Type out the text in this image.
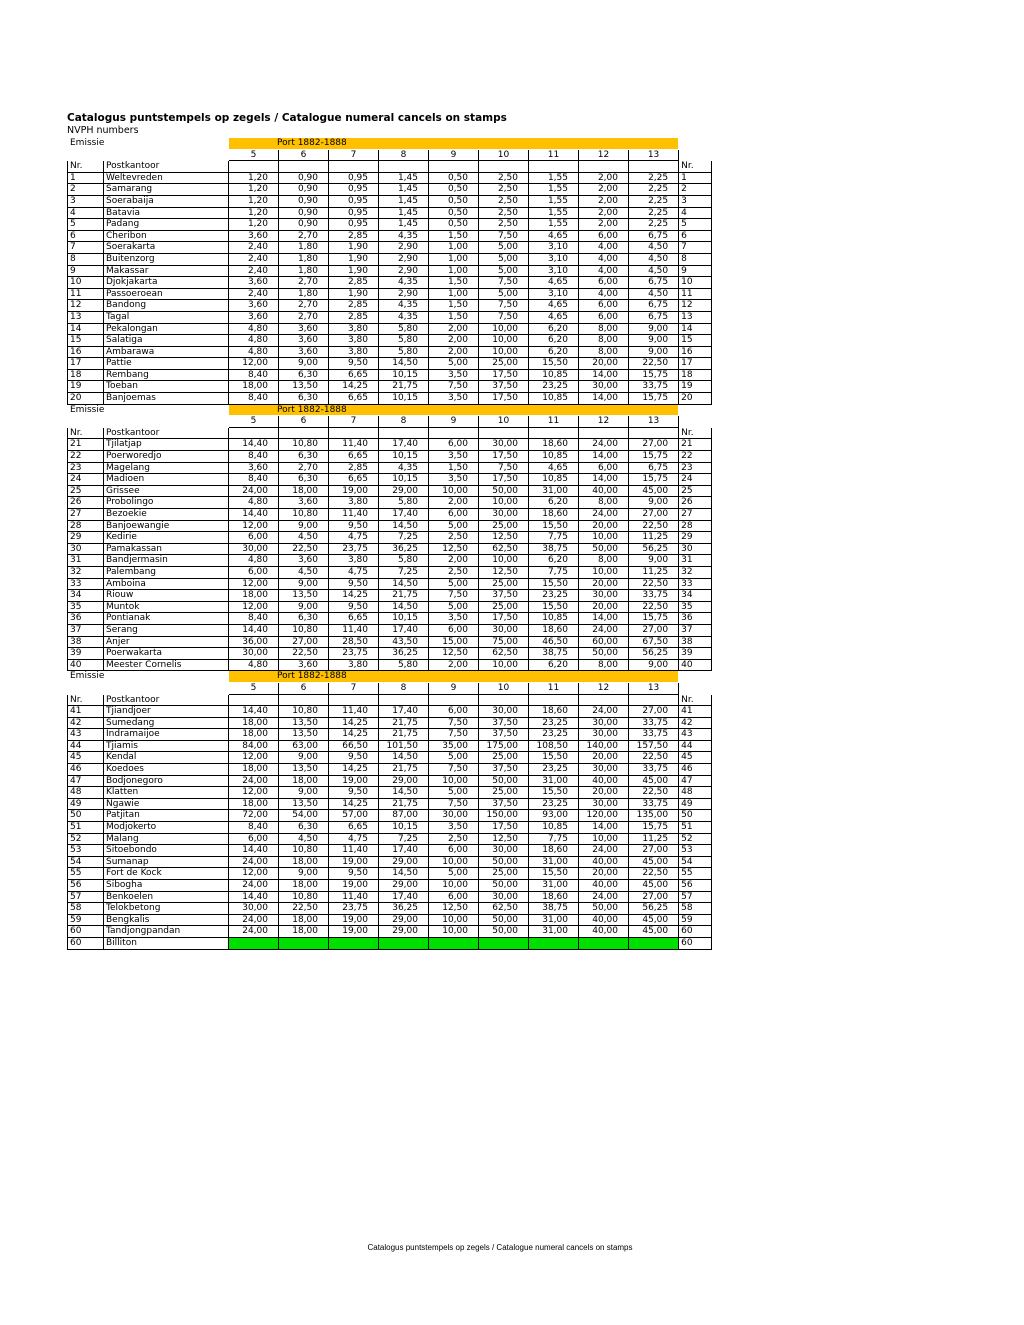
Catalogus puntstempels op zegels / Catalogue numeral cancels on stamps
NVPH numbers
Emissie		Port 1882-1888									
		5	6	7	8	9	10	11	12	13	
Nr.	Postkantoor										Nr.
1	Weltevreden	1,20	0,90	0,95	1,45	0,50	2,50	1,55	2,00	2,25	1
2	Samarang	1,20	0,90	0,95	1,45	0,50	2,50	1,55	2,00	2,25	2
3	Soerabaija	1,20	0,90	0,95	1,45	0,50	2,50	1,55	2,00	2,25	3
4	Batavia	1,20	0,90	0,95	1,45	0,50	2,50	1,55	2,00	2,25	4
5	Padang	1,20	0,90	0,95	1,45	0,50	2,50	1,55	2,00	2,25	5
6	Cheribon	3,60	2,70	2,85	4,35	1,50	7,50	4,65	6,00	6,75	6
7	Soerakarta	2,40	1,80	1,90	2,90	1,00	5,00	3,10	4,00	4,50	7
8	Buitenzorg	2,40	1,80	1,90	2,90	1,00	5,00	3,10	4,00	4,50	8
9	Makassar	2,40	1,80	1,90	2,90	1,00	5,00	3,10	4,00	4,50	9
10	Djokjakarta	3,60	2,70	2,85	4,35	1,50	7,50	4,65	6,00	6,75	10
11	Passoeroean	2,40	1,80	1,90	2,90	1,00	5,00	3,10	4,00	4,50	11
12	Bandong	3,60	2,70	2,85	4,35	1,50	7,50	4,65	6,00	6,75	12
13	Tagal	3,60	2,70	2,85	4,35	1,50	7,50	4,65	6,00	6,75	13
14	Pekalongan	4,80	3,60	3,80	5,80	2,00	10,00	6,20	8,00	9,00	14
15	Salatiga	4,80	3,60	3,80	5,80	2,00	10,00	6,20	8,00	9,00	15
16	Ambarawa	4,80	3,60	3,80	5,80	2,00	10,00	6,20	8,00	9,00	16
17	Pattie	12,00	9,00	9,50	14,50	5,00	25,00	15,50	20,00	22,50	17
18	Rembang	8,40	6,30	6,65	10,15	3,50	17,50	10,85	14,00	15,75	18
19	Toeban	18,00	13,50	14,25	21,75	7,50	37,50	23,25	30,00	33,75	19
20	Banjoemas	8,40	6,30	6,65	10,15	3,50	17,50	10,85	14,00	15,75	20
Emissie		Port 1882-1888									
		5	6	7	8	9	10	11	12	13	
Nr.	Postkantoor										Nr.
21	Tjilatjap	14,40	10,80	11,40	17,40	6,00	30,00	18,60	24,00	27,00	21
22	Poerworedjo	8,40	6,30	6,65	10,15	3,50	17,50	10,85	14,00	15,75	22
23	Magelang	3,60	2,70	2,85	4,35	1,50	7,50	4,65	6,00	6,75	23
24	Madioen	8,40	6,30	6,65	10,15	3,50	17,50	10,85	14,00	15,75	24
25	Grissee	24,00	18,00	19,00	29,00	10,00	50,00	31,00	40,00	45,00	25
26	Probolingo	4,80	3,60	3,80	5,80	2,00	10,00	6,20	8,00	9,00	26
27	Bezoekie	14,40	10,80	11,40	17,40	6,00	30,00	18,60	24,00	27,00	27
28	Banjoewangie	12,00	9,00	9,50	14,50	5,00	25,00	15,50	20,00	22,50	28
29	Kedirie	6,00	4,50	4,75	7,25	2,50	12,50	7,75	10,00	11,25	29
30	Pamakassan	30,00	22,50	23,75	36,25	12,50	62,50	38,75	50,00	56,25	30
31	Bandjermasin	4,80	3,60	3,80	5,80	2,00	10,00	6,20	8,00	9,00	31
32	Palembang	6,00	4,50	4,75	7,25	2,50	12,50	7,75	10,00	11,25	32
33	Amboina	12,00	9,00	9,50	14,50	5,00	25,00	15,50	20,00	22,50	33
34	Riouw	18,00	13,50	14,25	21,75	7,50	37,50	23,25	30,00	33,75	34
35	Muntok	12,00	9,00	9,50	14,50	5,00	25,00	15,50	20,00	22,50	35
36	Pontianak	8,40	6,30	6,65	10,15	3,50	17,50	10,85	14,00	15,75	36
37	Serang	14,40	10,80	11,40	17,40	6,00	30,00	18,60	24,00	27,00	37
38	Anjer	36,00	27,00	28,50	43,50	15,00	75,00	46,50	60,00	67,50	38
39	Poerwakarta	30,00	22,50	23,75	36,25	12,50	62,50	38,75	50,00	56,25	39
40	Meester Cornelis	4,80	3,60	3,80	5,80	2,00	10,00	6,20	8,00	9,00	40
Emissie		Port 1882-1888									
		5	6	7	8	9	10	11	12	13	
Nr.	Postkantoor										Nr.
41	Tjiandjoer	14,40	10,80	11,40	17,40	6,00	30,00	18,60	24,00	27,00	41
42	Sumedang	18,00	13,50	14,25	21,75	7,50	37,50	23,25	30,00	33,75	42
43	Indramaijoe	18,00	13,50	14,25	21,75	7,50	37,50	23,25	30,00	33,75	43
44	Tjiamis	84,00	63,00	66,50	101,50	35,00	175,00	108,50	140,00	157,50	44
45	Kendal	12,00	9,00	9,50	14,50	5,00	25,00	15,50	20,00	22,50	45
46	Koedoes	18,00	13,50	14,25	21,75	7,50	37,50	23,25	30,00	33,75	46
47	Bodjonegoro	24,00	18,00	19,00	29,00	10,00	50,00	31,00	40,00	45,00	47
48	Klatten	12,00	9,00	9,50	14,50	5,00	25,00	15,50	20,00	22,50	48
49	Ngawie	18,00	13,50	14,25	21,75	7,50	37,50	23,25	30,00	33,75	49
50	Patjitan	72,00	54,00	57,00	87,00	30,00	150,00	93,00	120,00	135,00	50
51	Modjokerto	8,40	6,30	6,65	10,15	3,50	17,50	10,85	14,00	15,75	51
52	Malang	6,00	4,50	4,75	7,25	2,50	12,50	7,75	10,00	11,25	52
53	Sitoebondo	14,40	10,80	11,40	17,40	6,00	30,00	18,60	24,00	27,00	53
54	Sumanap	24,00	18,00	19,00	29,00	10,00	50,00	31,00	40,00	45,00	54
55	Fort de Kock	12,00	9,00	9,50	14,50	5,00	25,00	15,50	20,00	22,50	55
56	Sibogha	24,00	18,00	19,00	29,00	10,00	50,00	31,00	40,00	45,00	56
57	Benkoelen	14,40	10,80	11,40	17,40	6,00	30,00	18,60	24,00	27,00	57
58	Telokbetong	30,00	22,50	23,75	36,25	12,50	62,50	38,75	50,00	56,25	58
59	Bengkalis	24,00	18,00	19,00	29,00	10,00	50,00	31,00	40,00	45,00	59
60	Tandjongpandan	24,00	18,00	19,00	29,00	10,00	50,00	31,00	40,00	45,00	60
60	Billiton										60
Catalogus puntstempels op zegels / Catalogue numeral cancels on stamps
